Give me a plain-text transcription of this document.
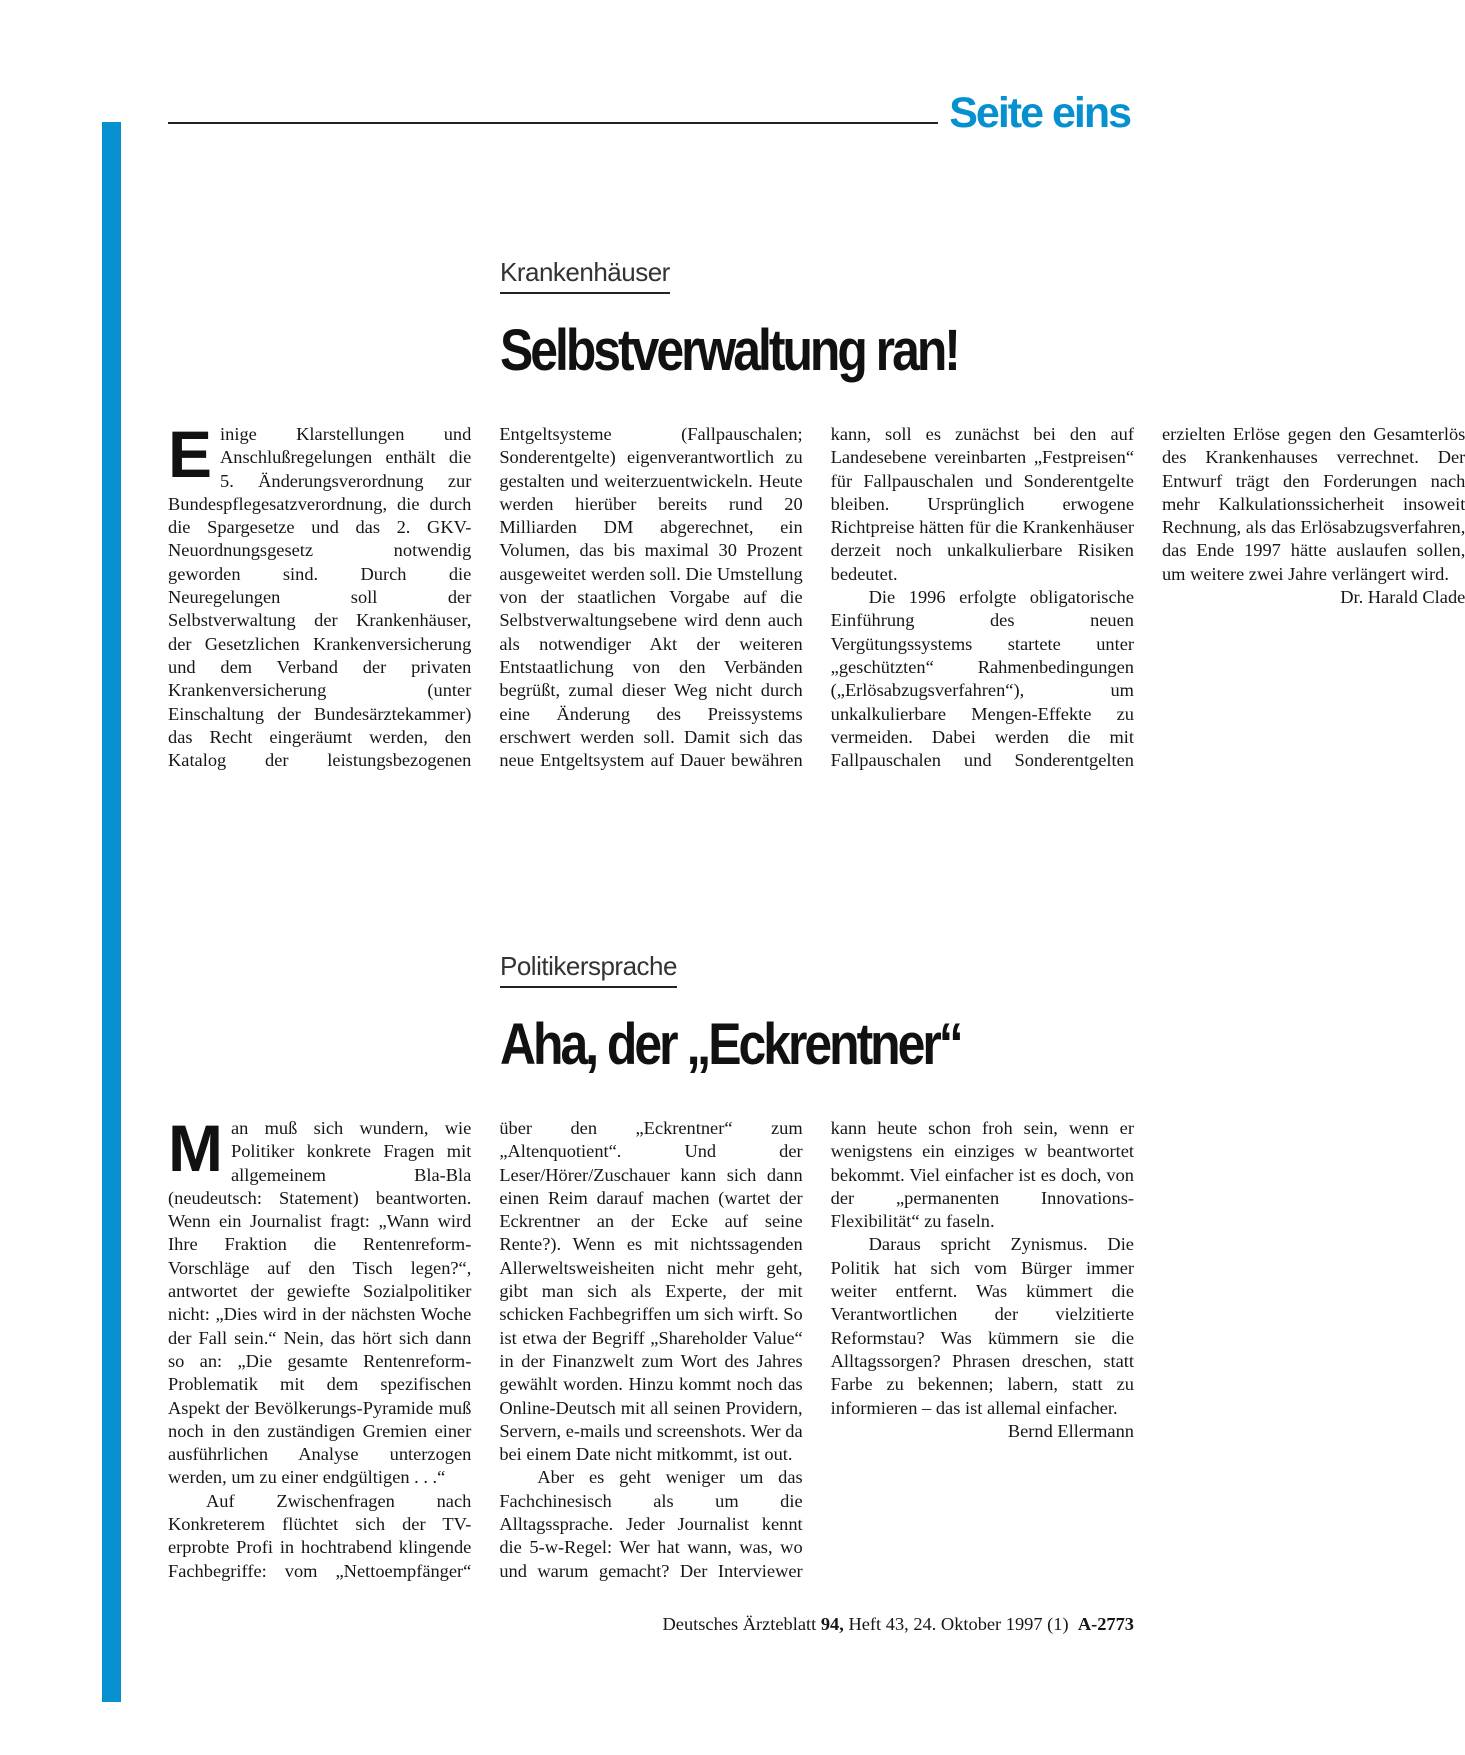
Seite eins
Krankenhäuser
Selbstverwaltung ran!

Einige Klarstellungen und Anschlußregelungen enthält die 5. Änderungsverordnung zur Bundespflegesatzverordnung, die durch die Spargesetze und das 2. GKV-Neuordnungsgesetz notwendig geworden sind. Durch die Neuregelungen soll der Selbstverwaltung der Krankenhäuser, der Gesetzlichen Krankenversicherung und dem Verband der privaten Krankenversicherung (unter Einschaltung der Bundesärztekammer) das Recht eingeräumt werden, den Katalog der leistungsbezogenen Entgeltsysteme (Fallpauschalen; Sonderentgelte) eigenverantwortlich zu gestalten und weiterzuentwickeln. Heute werden hierüber bereits rund 20 Milliarden DM abgerechnet, ein Volumen, das bis maximal 30 Prozent ausgeweitet werden soll. Die Umstellung von der staatlichen Vorgabe auf die Selbstverwaltungsebene wird denn auch als notwendiger Akt der weiteren Entstaatlichung von den Verbänden begrüßt, zumal dieser Weg nicht durch eine Änderung des Preissystems erschwert werden soll. Damit sich das neue Entgeltsystem auf Dauer bewähren kann, soll es zunächst bei den auf Landesebene vereinbarten „Festpreisen“ für Fallpauschalen und Sonderentgelte bleiben. Ursprünglich erwogene Richtpreise hätten für die Krankenhäuser derzeit noch unkalkulierbare Risiken bedeutet.

Die 1996 erfolgte obligatorische Einführung des neuen Vergütungssystems startete unter „geschützten“ Rahmenbedingungen („Erlösabzugsverfahren“), um unkalkulierbare Mengen-Effekte zu vermeiden. Dabei werden die mit Fallpauschalen und Sonderentgelten erzielten Erlöse gegen den Gesamterlös des Krankenhauses verrechnet. Der Entwurf trägt den Forderungen nach mehr Kalkulationssicherheit insoweit Rechnung, als das Erlösabzugsverfahren, das Ende 1997 hätte auslaufen sollen, um weitere zwei Jahre verlängert wird.
Dr. Harald Clade

Politikersprache
Aha, der „Eckrentner“

Man muß sich wundern, wie Politiker konkrete Fragen mit allgemeinem Bla-Bla (neudeutsch: Statement) beantworten. Wenn ein Journalist fragt: „Wann wird Ihre Fraktion die Rentenreform-Vorschläge auf den Tisch legen?“, antwortet der gewiefte Sozialpolitiker nicht: „Dies wird in der nächsten Woche der Fall sein.“ Nein, das hört sich dann so an: „Die gesamte Rentenreform-Problematik mit dem spezifischen Aspekt der Bevölkerungs-Pyramide muß noch in den zuständigen Gremien einer ausführlichen Analyse unterzogen werden, um zu einer endgültigen . . .“

Auf Zwischenfragen nach Konkreterem flüchtet sich der TV-erprobte Profi in hochtrabend klingende Fachbegriffe: vom „Nettoempfänger“ über den „Eckrentner“ zum „Altenquotient“. Und der Leser/Hörer/Zuschauer kann sich dann einen Reim darauf machen (wartet der Eckrentner an der Ecke auf seine Rente?). Wenn es mit nichtssagenden Allerweltsweisheiten nicht mehr geht, gibt man sich als Experte, der mit schicken Fachbegriffen um sich wirft. So ist etwa der Begriff „Shareholder Value“ in der Finanzwelt zum Wort des Jahres gewählt worden. Hinzu kommt noch das Online-Deutsch mit all seinen Providern, Servern, e-mails und screenshots. Wer da bei einem Date nicht mitkommt, ist out.

Aber es geht weniger um das Fachchinesisch als um die Alltagssprache. Jeder Journalist kennt die 5-w-Regel: Wer hat wann, was, wo und warum gemacht? Der Interviewer kann heute schon froh sein, wenn er wenigstens ein einziges w beantwortet bekommt. Viel einfacher ist es doch, von der „permanenten Innovations-Flexibilität“ zu faseln.

Daraus spricht Zynismus. Die Politik hat sich vom Bürger immer weiter entfernt. Was kümmert die Verantwortlichen der vielzitierte Reformstau? Was kümmern sie die Alltagssorgen? Phrasen dreschen, statt Farbe zu bekennen; labern, statt zu informieren – das ist allemal einfacher.
Bernd Ellermann

Deutsches Ärzteblatt 94, Heft 43, 24. Oktober 1997 (1) A-2773
